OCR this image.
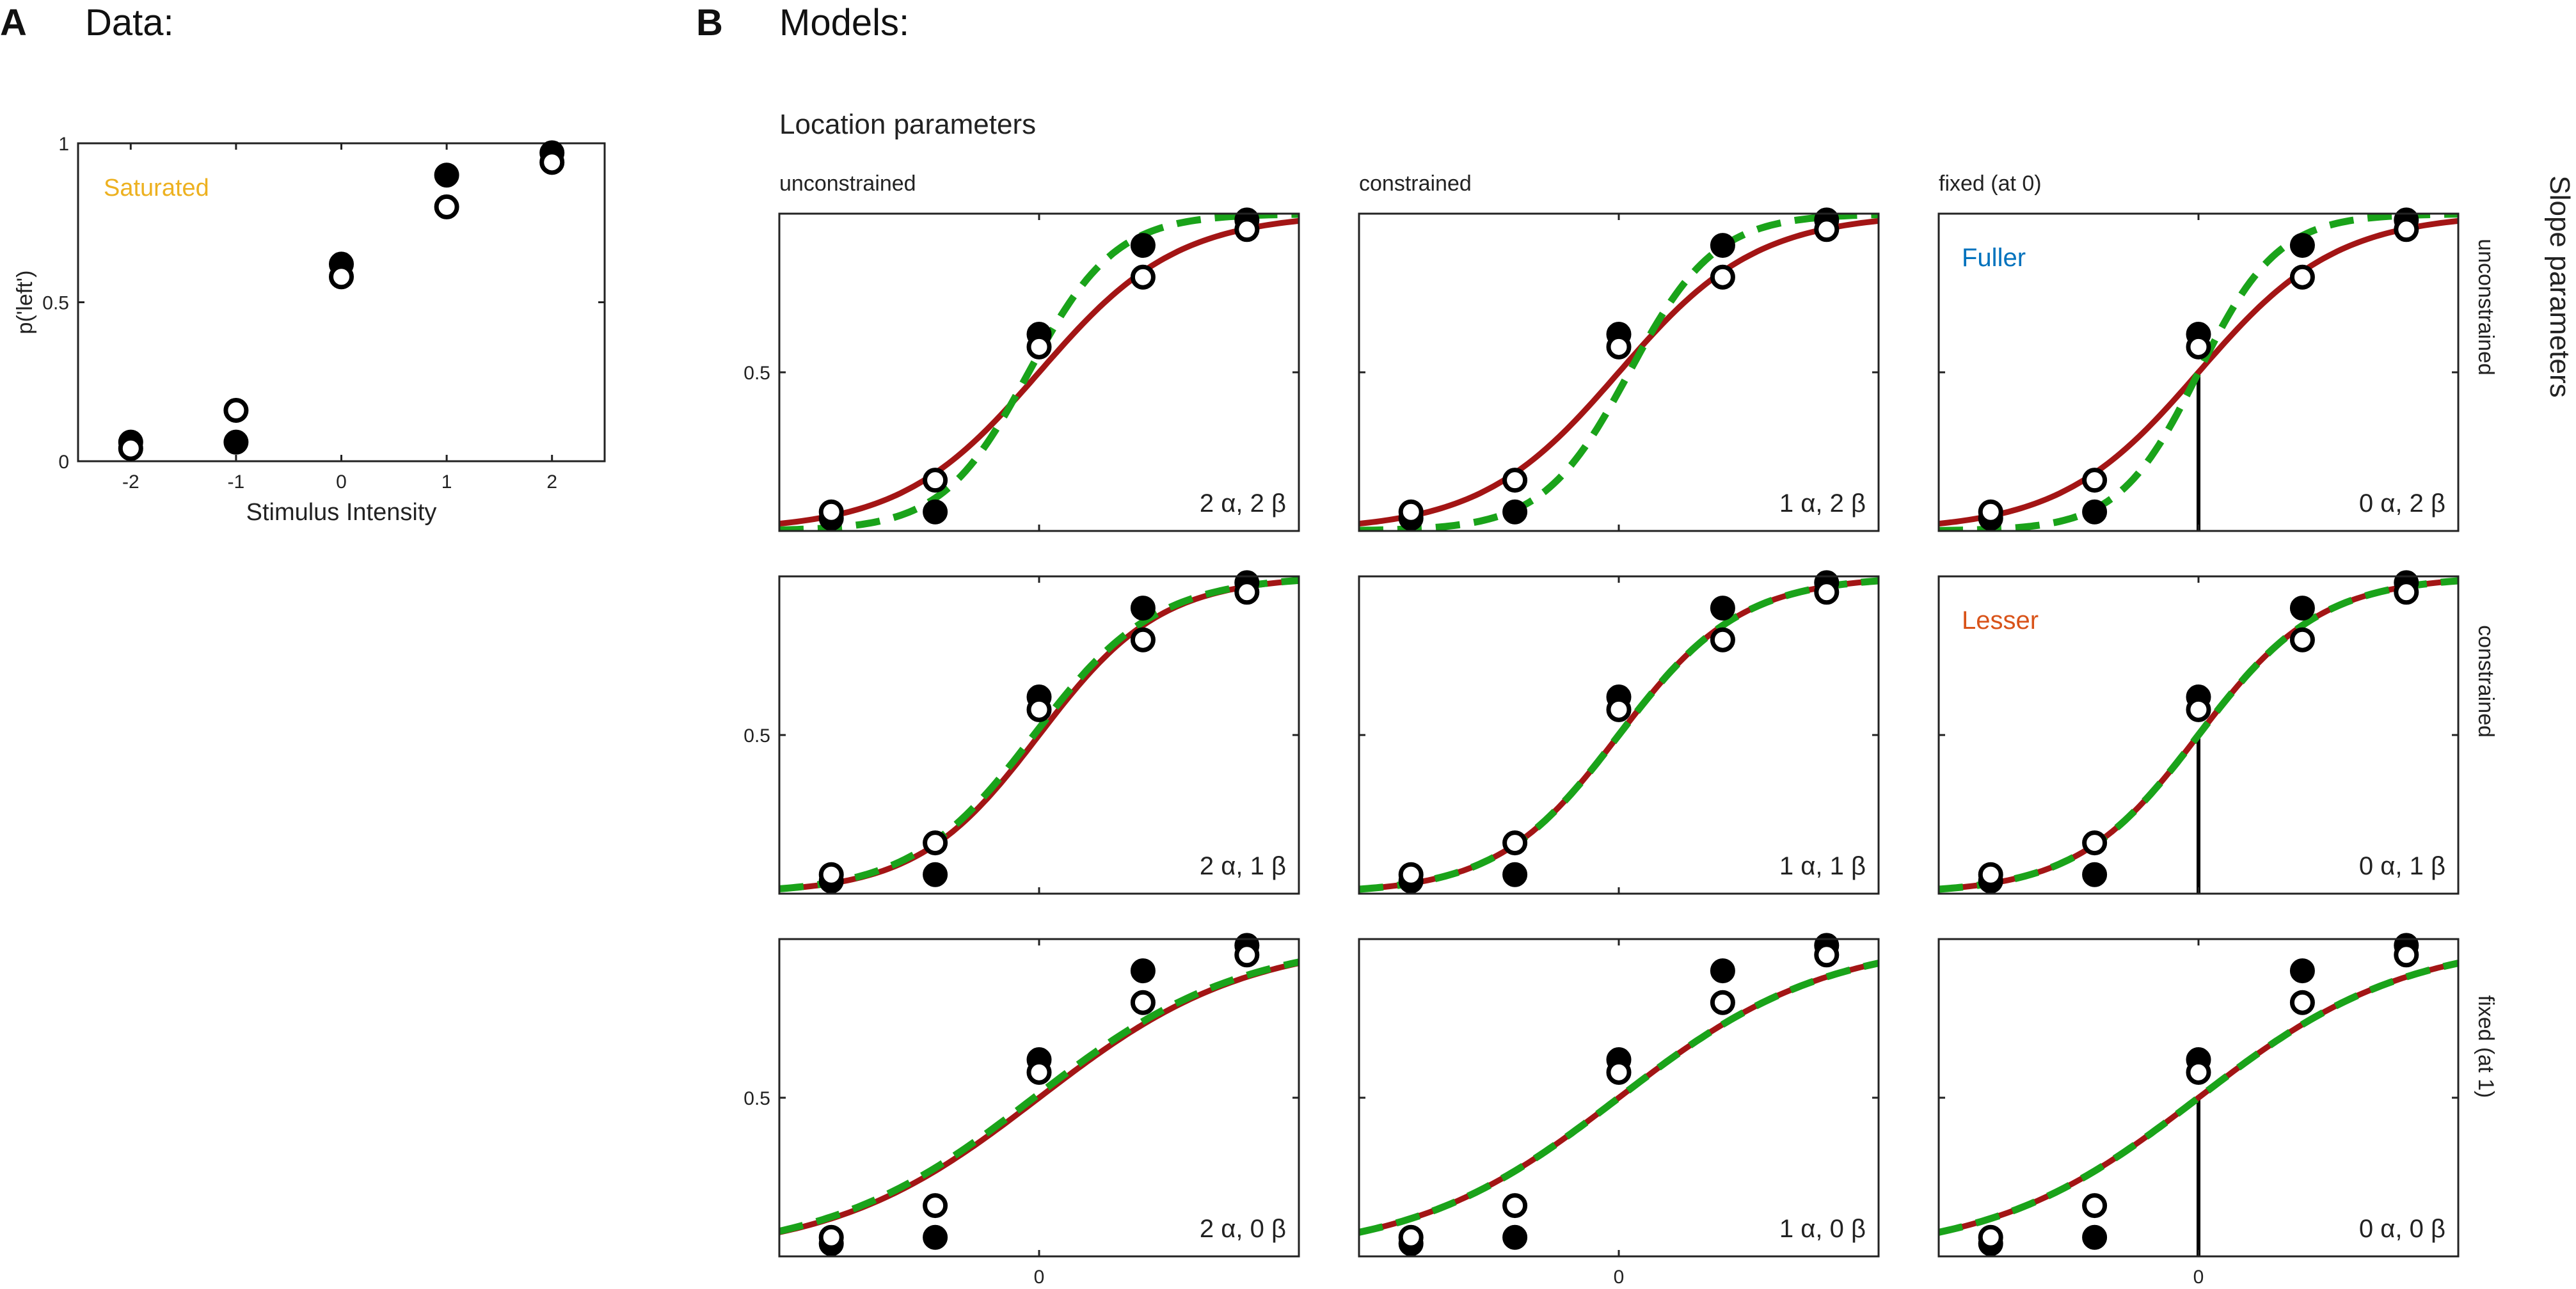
A Data:	B Models:
Location parameters
unconstrained	constrained	fixed (at 0)	Slope parameters
unconstrained
constrained
fixed (at 1)
-2	-1	0	1	2
0
0.5
1
Stimulus Intensity
p('left')
Saturated
0.5
2 α, 2 β	1 α, 2 β	0 α, 2 β
Fuller
0.5
2 α, 1 β	1 α, 1 β	0 α, 1 β
Lesser
0.5
0
2 α, 0 β
0
1 α, 0 β
0
0 α, 0 β
